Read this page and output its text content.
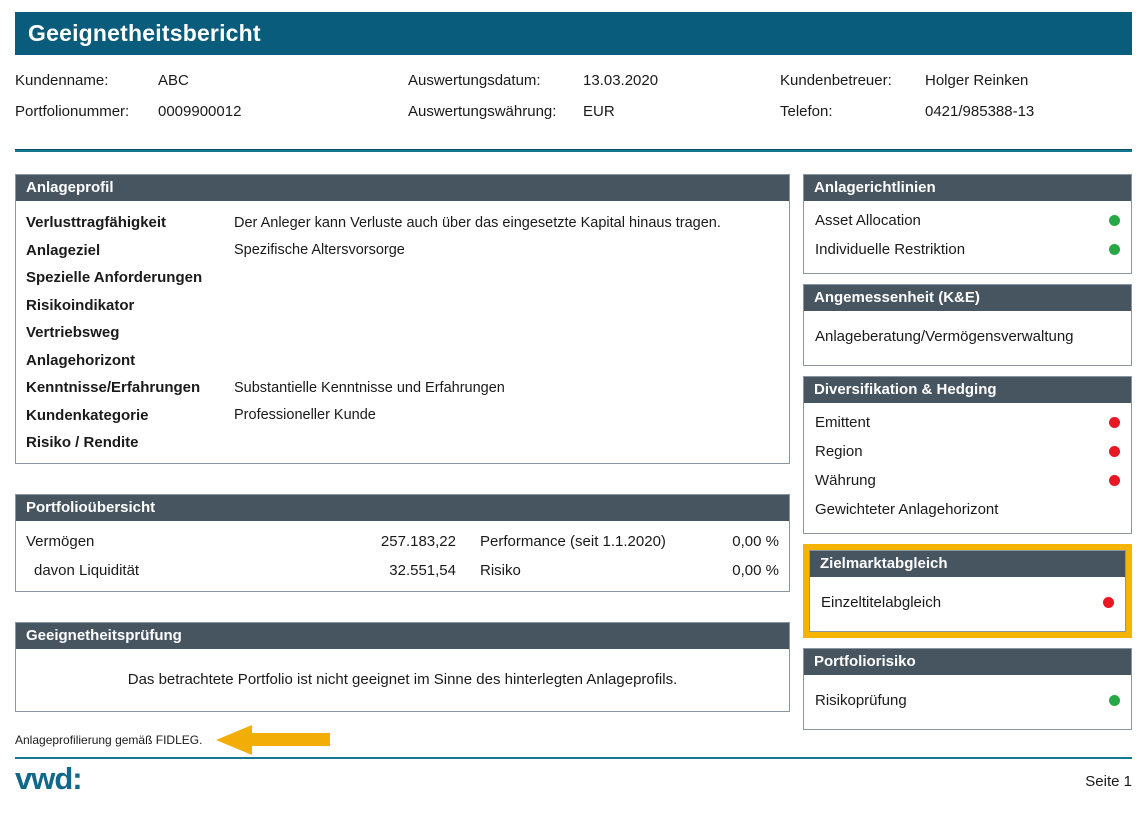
Geeignetheitsbericht
Kundenname:	ABC
Portfolionummer:	0009900012
Auswertungsdatum:	13.03.2020
Auswertungswährung:	EUR
Kundenbetreuer:	Holger Reinken
Telefon:	0421/985388-13
Anlageprofil
Verlusttragfähigkeit	Der Anleger kann Verluste auch über das eingesetzte Kapital hinaus tragen.
Anlageziel	Spezifische Altersvorsorge
Spezielle Anforderungen
Risikoindikator
Vertriebsweg
Anlagehorizont
Kenntnisse/Erfahrungen	Substantielle Kenntnisse und Erfahrungen
Kundenkategorie	Professioneller Kunde
Risiko / Rendite
Portfolioübersicht
Vermögen	257.183,22 Performance (seit 1.1.2020)	0,00 %
davon Liquidität	32.551,54 Risiko	0,00 %
Geeignetheitsprüfung
Das betrachtete Portfolio ist nicht geeignet im Sinne des hinterlegten Anlageprofils.
Anlageprofilierung gemäß FIDLEG.
Anlagerichtlinien
Asset Allocation
Individuelle Restriktion
Angemessenheit (K&E)
Anlageberatung/Vermögensverwaltung
Diversifikation & Hedging
Emittent
Region
Währung
Gewichteter Anlagehorizont
Zielmarktabgleich
Einzeltitelabgleich
Portfoliorisiko
Risikoprüfung
vwd:	Seite 1
